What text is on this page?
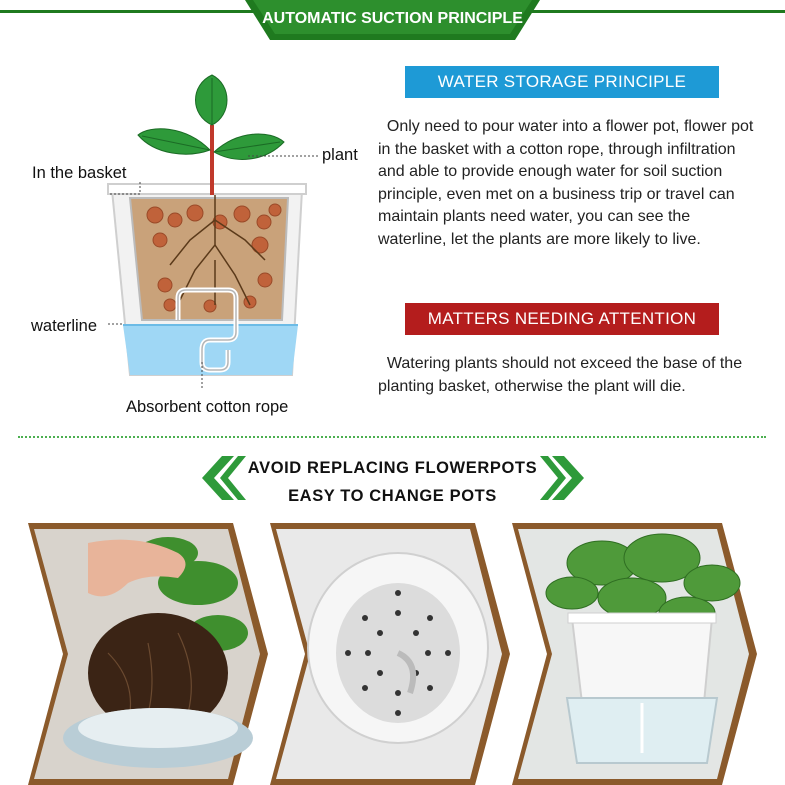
AUTOMATIC SUCTION PRINCIPLE
In the basket
plant
waterline
Absorbent cotton rope
WATER STORAGE PRINCIPLE
Only need to pour water into a flower pot, flower pot in the basket with a cotton rope, through infiltration and able to provide enough water for soil suction principle, even met on a business trip or travel can maintain plants need water, you can see the waterline, let the plants are more likely to live.
MATTERS NEEDING ATTENTION
Watering plants should not exceed the base of the planting basket, otherwise the plant will die.
AVOID REPLACING FLOWERPOTS
EASY TO CHANGE POTS
